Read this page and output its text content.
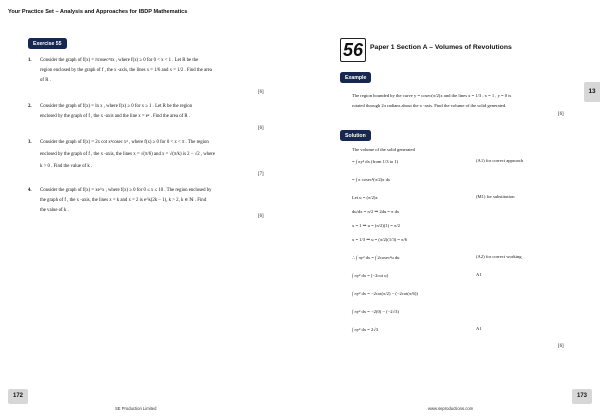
Your Practice Set – Analysis and Approaches for IBDP Mathematics
Exercise 55
1. Consider the graph of f(x) = πcosec²πx , where f(x) ≥ 0 for 0 < x < 1 . Let R be the
region enclosed by the graph of f , the x -axis, the lines x = 1/6 and x = 1/2 . Find the area
of R .
[6]
2. Consider the graph of f(x) = ln x , where f(x) ≥ 0 for x ≥ 1 . Let R be the region
enclosed by the graph of f , the x -axis and the line x = e² . Find the area of R .
[6]
3. Consider the graph of f(x) = 2x cot x²cosec x² , where f(x) ≥ 0 for 0 < x < π . The region
enclosed by the graph of f , the x -axis, the lines x = √(π/6) and x = √(π/k) is 2 − √2 , where
k > 0 . Find the value of k .
[7]
4. Consider the graph of f(x) = xe^x , where f(x) ≥ 0 for 0 ≤ x ≤ 10 . The region enclosed by
the graph of f , the x -axis, the lines x = k and x = 2 is e^k(2k − 1), k > 2, k ∈ ℕ . Find
the value of k .
[6]
172
SE Production Limited
56	Paper 1 Section A – Volumes of Revolutions
13
Example
The region bounded by the curve y = cosec(π/2)x and the lines x = 1/3 , x = 1 , y = 0 is
rotated through 2π radians about the x -axis. Find the volume of the solid generated.
[6]
Solution
The volume of the solid generated
= ∫ πy² dx (from 1/3 to 1)	(A1) for correct approach
= ∫ π cosec²(π/2)x dx
Let u = (π/2)x	(M1) for substitution
du/dx = π/2 ⇒ 2du = π dx
x = 1 ⇒ u = (π/2)(1) = π/2
x = 1/3 ⇒ u = (π/2)(1/3) = π/6
∴ ∫ πy² dx = ∫ 2cosec²u du	(A2) for correct working
∫ πy² dx = [−2cot u]	A1
∫ πy² dx = −2cot(π/2) − (−2cot(π/6))
∫ πy² dx = −2(0) − (−2√3)
∫ πy² dx = 2√3	A1
[6]
173
www.seproductions.com
